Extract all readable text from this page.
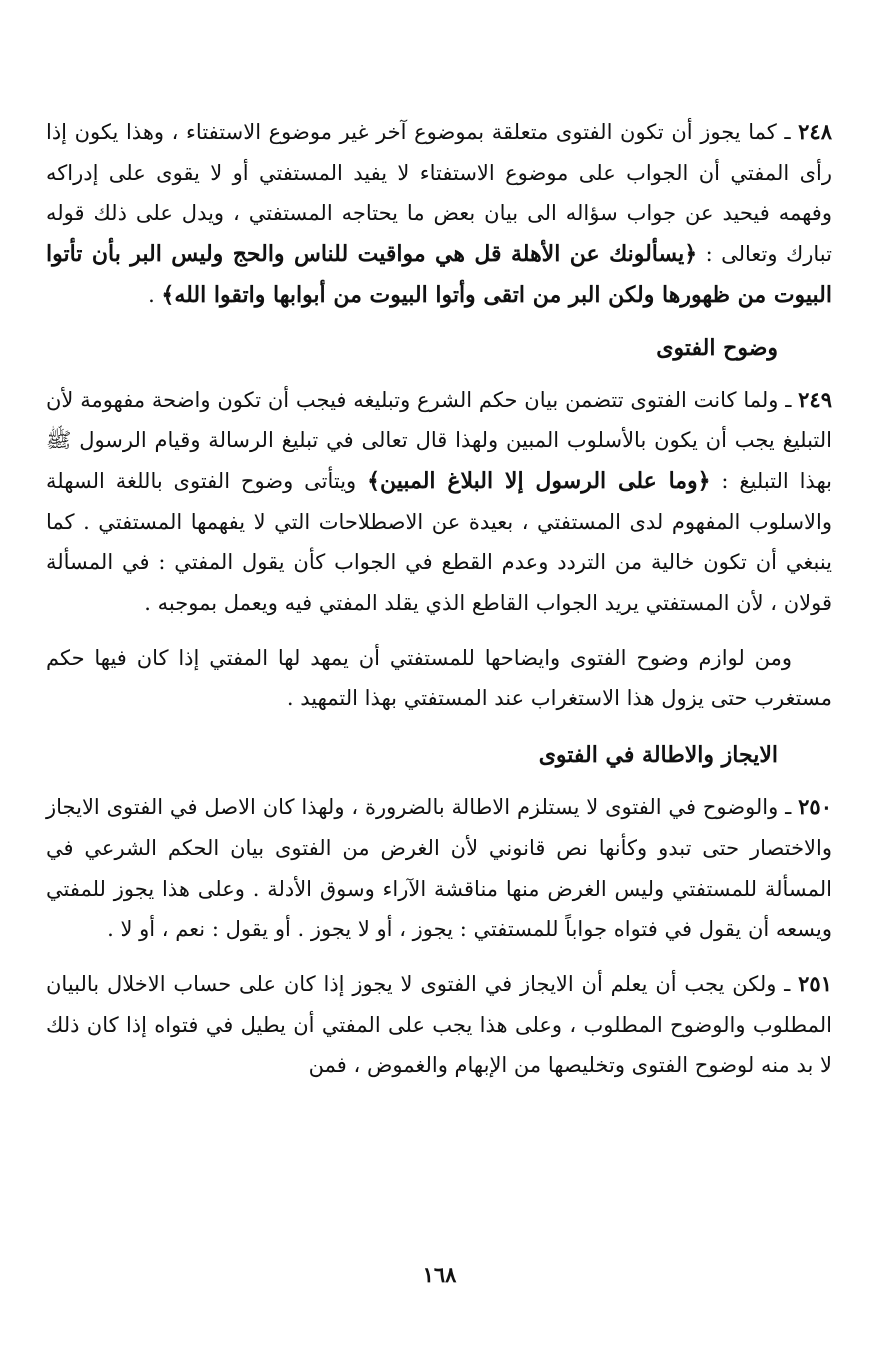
٢٤٨ ـ كما يجوز أن تكون الفتوى متعلقة بموضوع آخر غير موضوع الاستفتاء ، وهذا يكون إذا رأى المفتي أن الجواب على موضوع الاستفتاء لا يفيد المستفتي أو لا يقوى على إدراكه وفهمه فيحيد عن جواب سؤاله الى بيان بعض ما يحتاجه المستفتي ، ويدل على ذلك قوله تبارك وتعالى : ﴿يسألونك عن الأهلة قل هي مواقيت للناس والحج وليس البر بأن تأتوا البيوت من ظهورها ولكن البر من اتقى وأتوا البيوت من أبوابها واتقوا الله﴾ .

وضوح الفتوى

٢٤٩ ـ ولما كانت الفتوى تتضمن بيان حكم الشرع وتبليغه فيجب أن تكون واضحة مفهومة لأن التبليغ يجب أن يكون بالأسلوب المبين ولهذا قال تعالى في تبليغ الرسالة وقيام الرسول ﷺ بهذا التبليغ : ﴿وما على الرسول إلا البلاغ المبين﴾ ويتأتى وضوح الفتوى باللغة السهلة والاسلوب المفهوم لدى المستفتي ، بعيدة عن الاصطلاحات التي لا يفهمها المستفتي . كما ينبغي أن تكون خالية من التردد وعدم القطع في الجواب كأن يقول المفتي : في المسألة قولان ، لأن المستفتي يريد الجواب القاطع الذي يقلد المفتي فيه ويعمل بموجبه .

ومن لوازم وضوح الفتوى وايضاحها للمستفتي أن يمهد لها المفتي إذا كان فيها حكم مستغرب حتى يزول هذا الاستغراب عند المستفتي بهذا التمهيد .

الايجاز والاطالة في الفتوى

٢٥٠ ـ والوضوح في الفتوى لا يستلزم الاطالة بالضرورة ، ولهذا كان الاصل في الفتوى الايجاز والاختصار حتى تبدو وكأنها نص قانوني لأن الغرض من الفتوى بيان الحكم الشرعي في المسألة للمستفتي وليس الغرض منها مناقشة الآراء وسوق الأدلة . وعلى هذا يجوز للمفتي ويسعه أن يقول في فتواه جواباً للمستفتي : يجوز ، أو لا يجوز . أو يقول : نعم ، أو لا .

٢٥١ ـ ولكن يجب أن يعلم أن الايجاز في الفتوى لا يجوز إذا كان على حساب الاخلال بالبيان المطلوب والوضوح المطلوب ، وعلى هذا يجب على المفتي أن يطيل في فتواه إذا كان ذلك لا بد منه لوضوح الفتوى وتخليصها من الإبهام والغموض ، فمن

١٦٨
